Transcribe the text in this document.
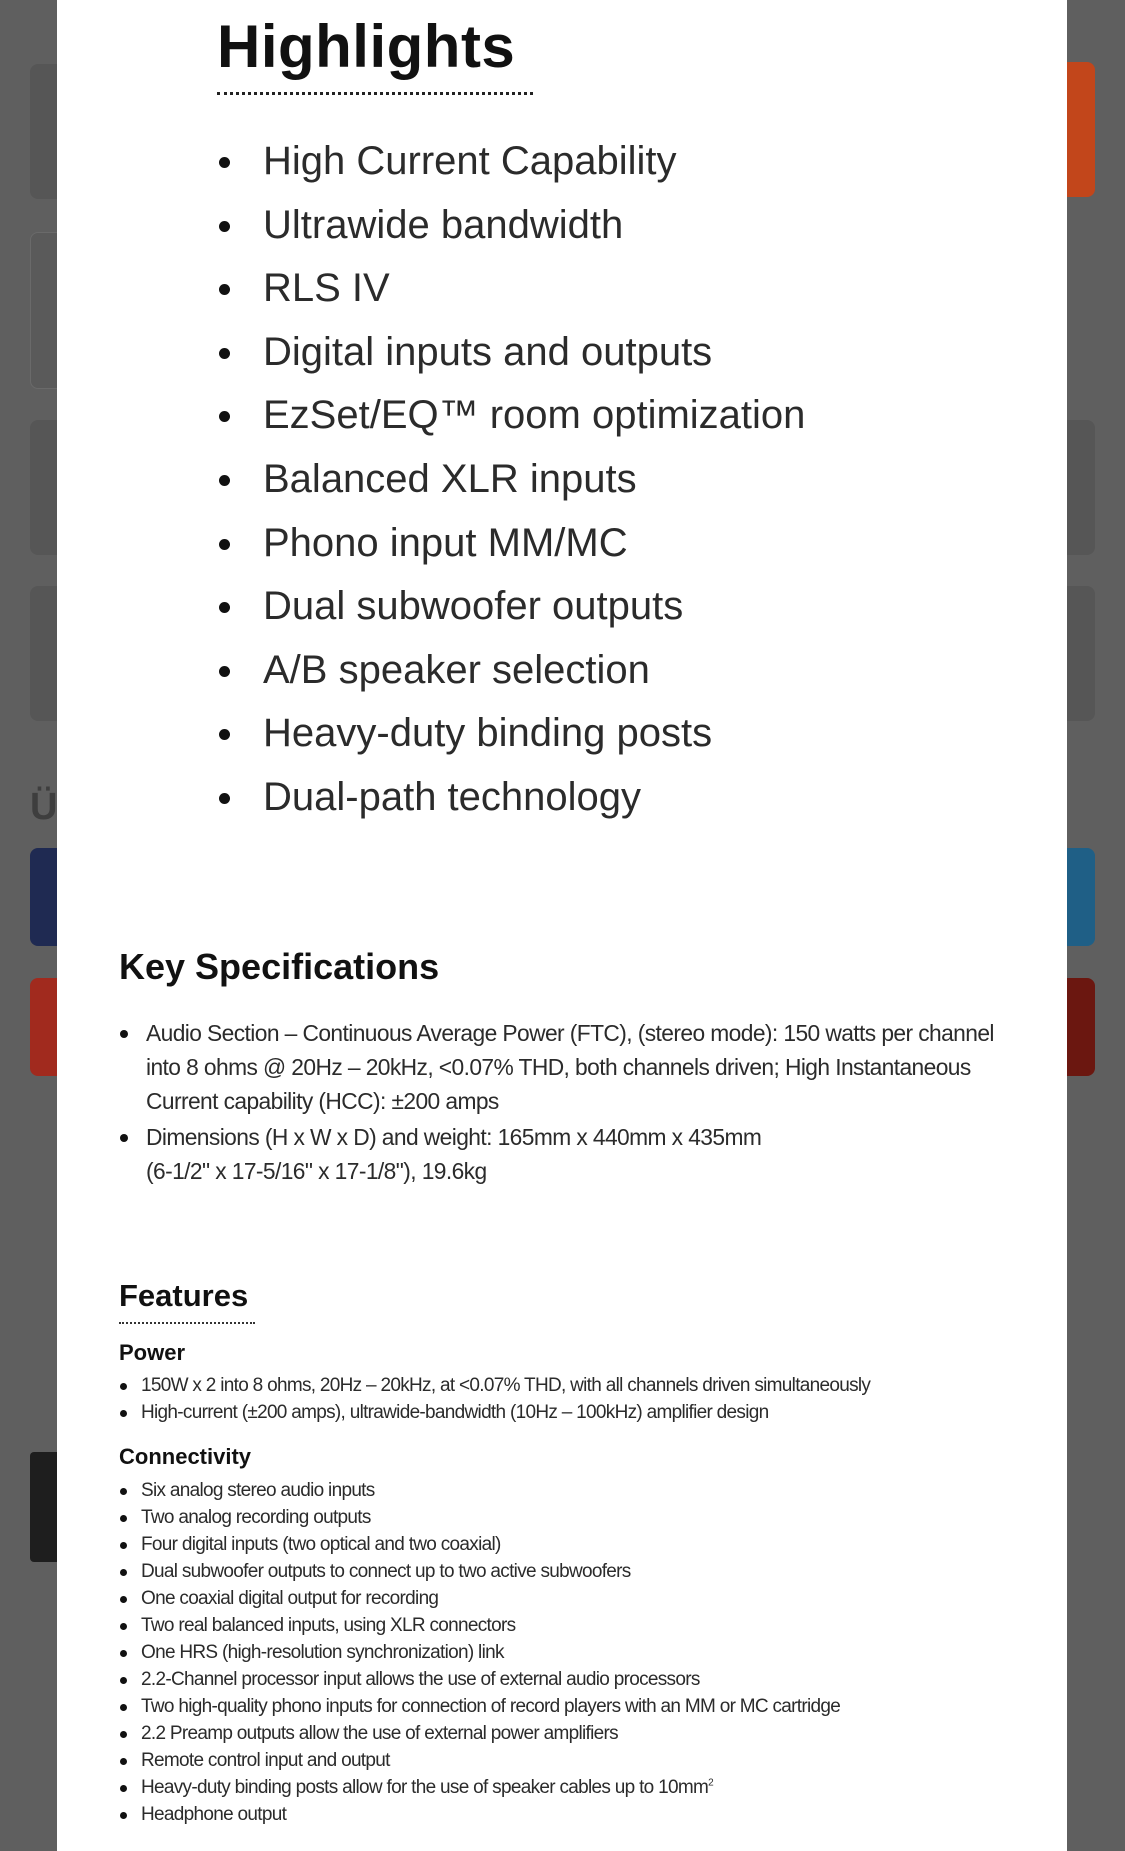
Ü
Highlights
High Current Capability
Ultrawide bandwidth
RLS IV
Digital inputs and outputs
EzSet/EQ™ room optimization
Balanced XLR inputs
Phono input MM/MC
Dual subwoofer outputs
A/B speaker selection
Heavy-duty binding posts
Dual-path technology
Key Specifications
Audio Section – Continuous Average Power (FTC), (stereo mode): 150 watts per channel
into 8 ohms @ 20Hz – 20kHz, <0.07% THD, both channels driven; High Instantaneous
Current capability (HCC): ±200 amps
Dimensions (H x W x D) and weight: 165mm x 440mm x 435mm
(6-1/2" x 17-5/16" x 17-1/8"), 19.6kg
Features
Power
150W x 2 into 8 ohms, 20Hz – 20kHz, at <0.07% THD, with all channels driven simultaneously
High-current (±200 amps), ultrawide-bandwidth (10Hz – 100kHz) amplifier design
Connectivity
Six analog stereo audio inputs
Two analog recording outputs
Four digital inputs (two optical and two coaxial)
Dual subwoofer outputs to connect up to two active subwoofers
One coaxial digital output for recording
Two real balanced inputs, using XLR connectors
One HRS (high-resolution synchronization) link
2.2-Channel processor input allows the use of external audio processors
Two high-quality phono inputs for connection of record players with an MM or MC cartridge
2.2 Preamp outputs allow the use of external power amplifiers
Remote control input and output
Heavy-duty binding posts allow for the use of speaker cables up to $10mm^2$
Headphone output
